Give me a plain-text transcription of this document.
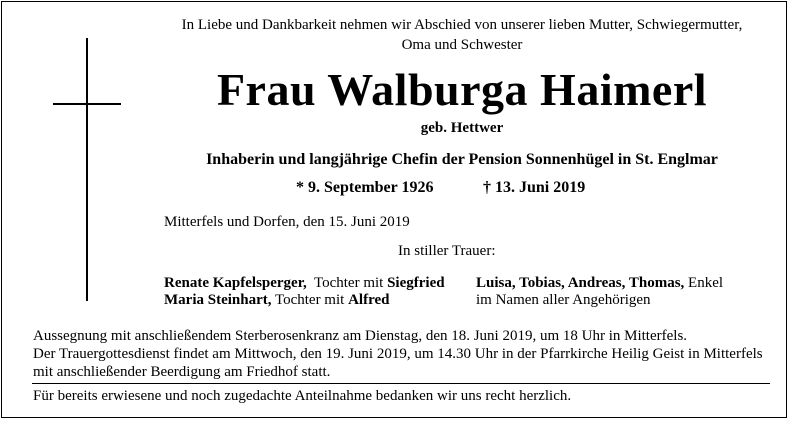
In Liebe und Dankbarkeit nehmen wir Abschied von unserer lieben Mutter, Schwiegermutter,
Oma und Schwester
Frau Walburga Haimerl
geb. Hettwer
Inhaberin und langjährige Chefin der Pension Sonnenhügel in St. Englmar
* 9. September 1926	† 13. Juni 2019
Mitterfels und Dorfen, den 15. Juni 2019
In stiller Trauer:
Renate Kapfelsperger, Tochter mit Siegfried
Maria Steinhart, Tochter mit Alfred
Luisa, Tobias, Andreas, Thomas, Enkel
im Namen aller Angehörigen
Aussegnung mit anschließendem Sterberosenkranz am Dienstag, den 18. Juni 2019, um 18 Uhr in Mitterfels.
Der Trauergottesdienst findet am Mittwoch, den 19. Juni 2019, um 14.30 Uhr in der Pfarrkirche Heilig Geist in Mitterfels
mit anschließender Beerdigung am Friedhof statt.
Für bereits erwiesene und noch zugedachte Anteilnahme bedanken wir uns recht herzlich.
